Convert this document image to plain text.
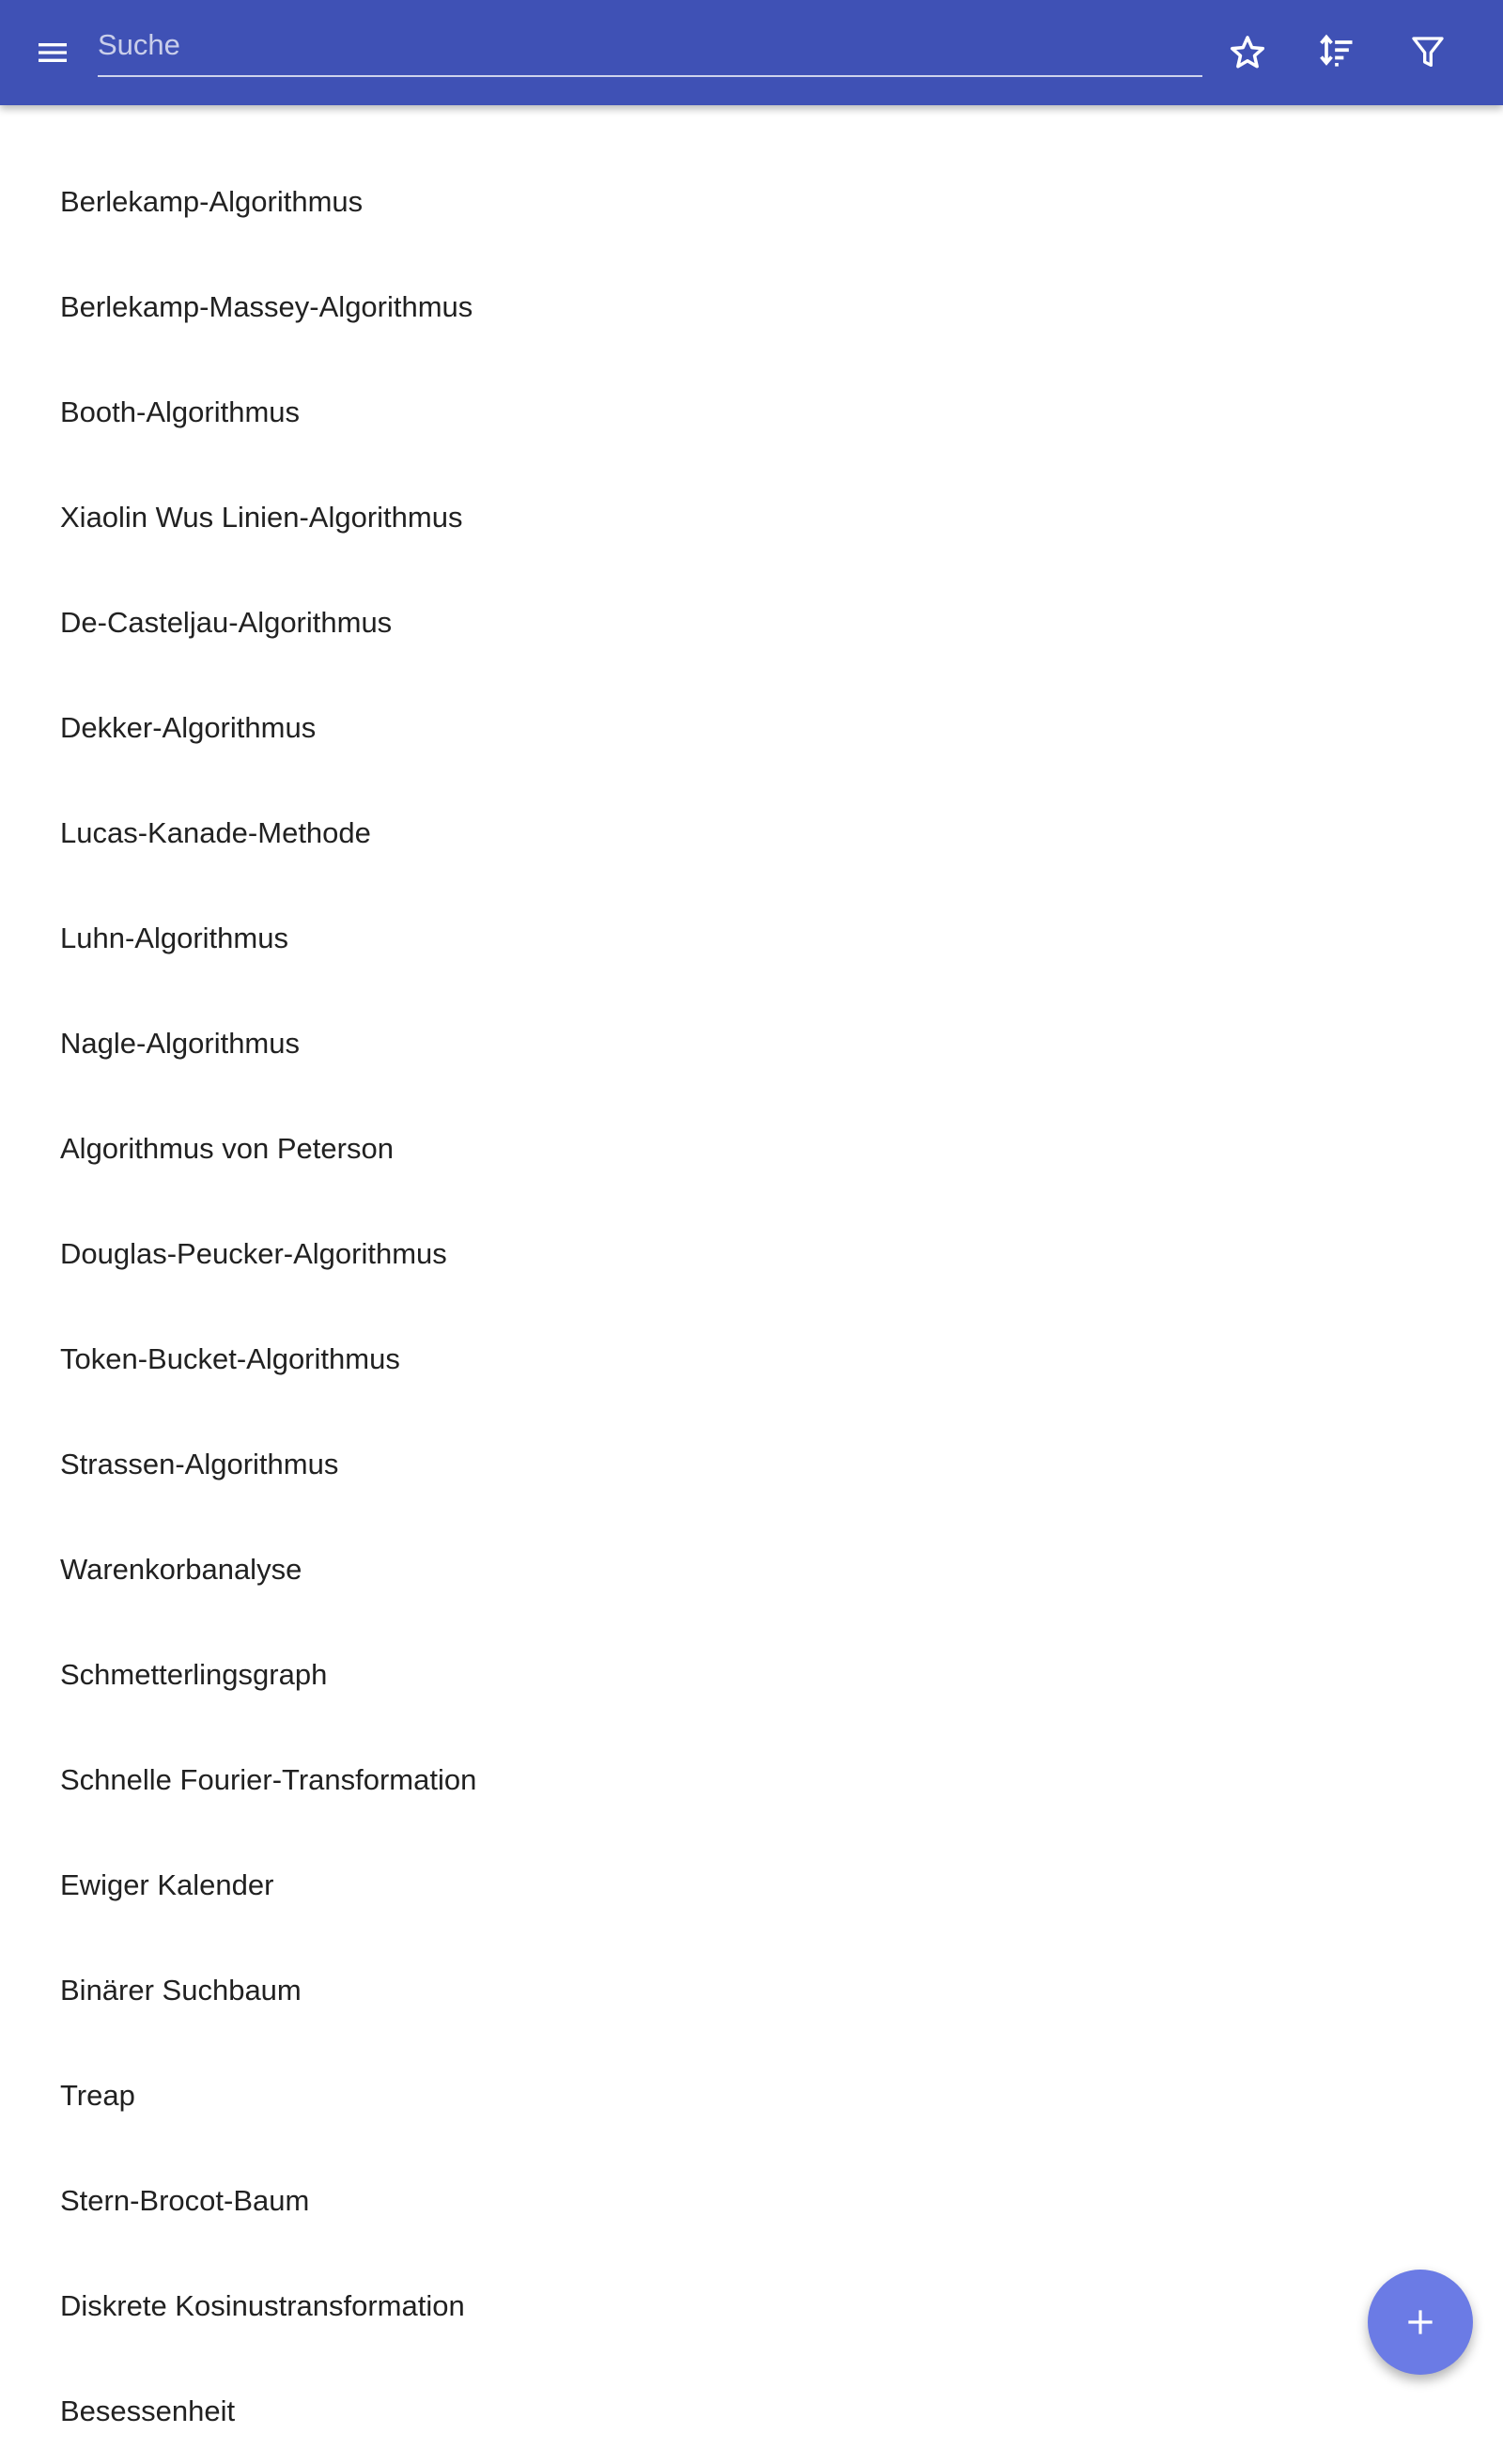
Suche
Berlekamp-Algorithmus
Berlekamp-Massey-Algorithmus
Booth-Algorithmus
Xiaolin Wus Linien-Algorithmus
De-Casteljau-Algorithmus
Dekker-Algorithmus
Lucas-Kanade-Methode
Luhn-Algorithmus
Nagle-Algorithmus
Algorithmus von Peterson
Douglas-Peucker-Algorithmus
Token-Bucket-Algorithmus
Strassen-Algorithmus
Warenkorbanalyse
Schmetterlingsgraph
Schnelle Fourier-Transformation
Ewiger Kalender
Binärer Suchbaum
Treap
Stern-Brocot-Baum
Diskrete Kosinustransformation
Besessenheit
